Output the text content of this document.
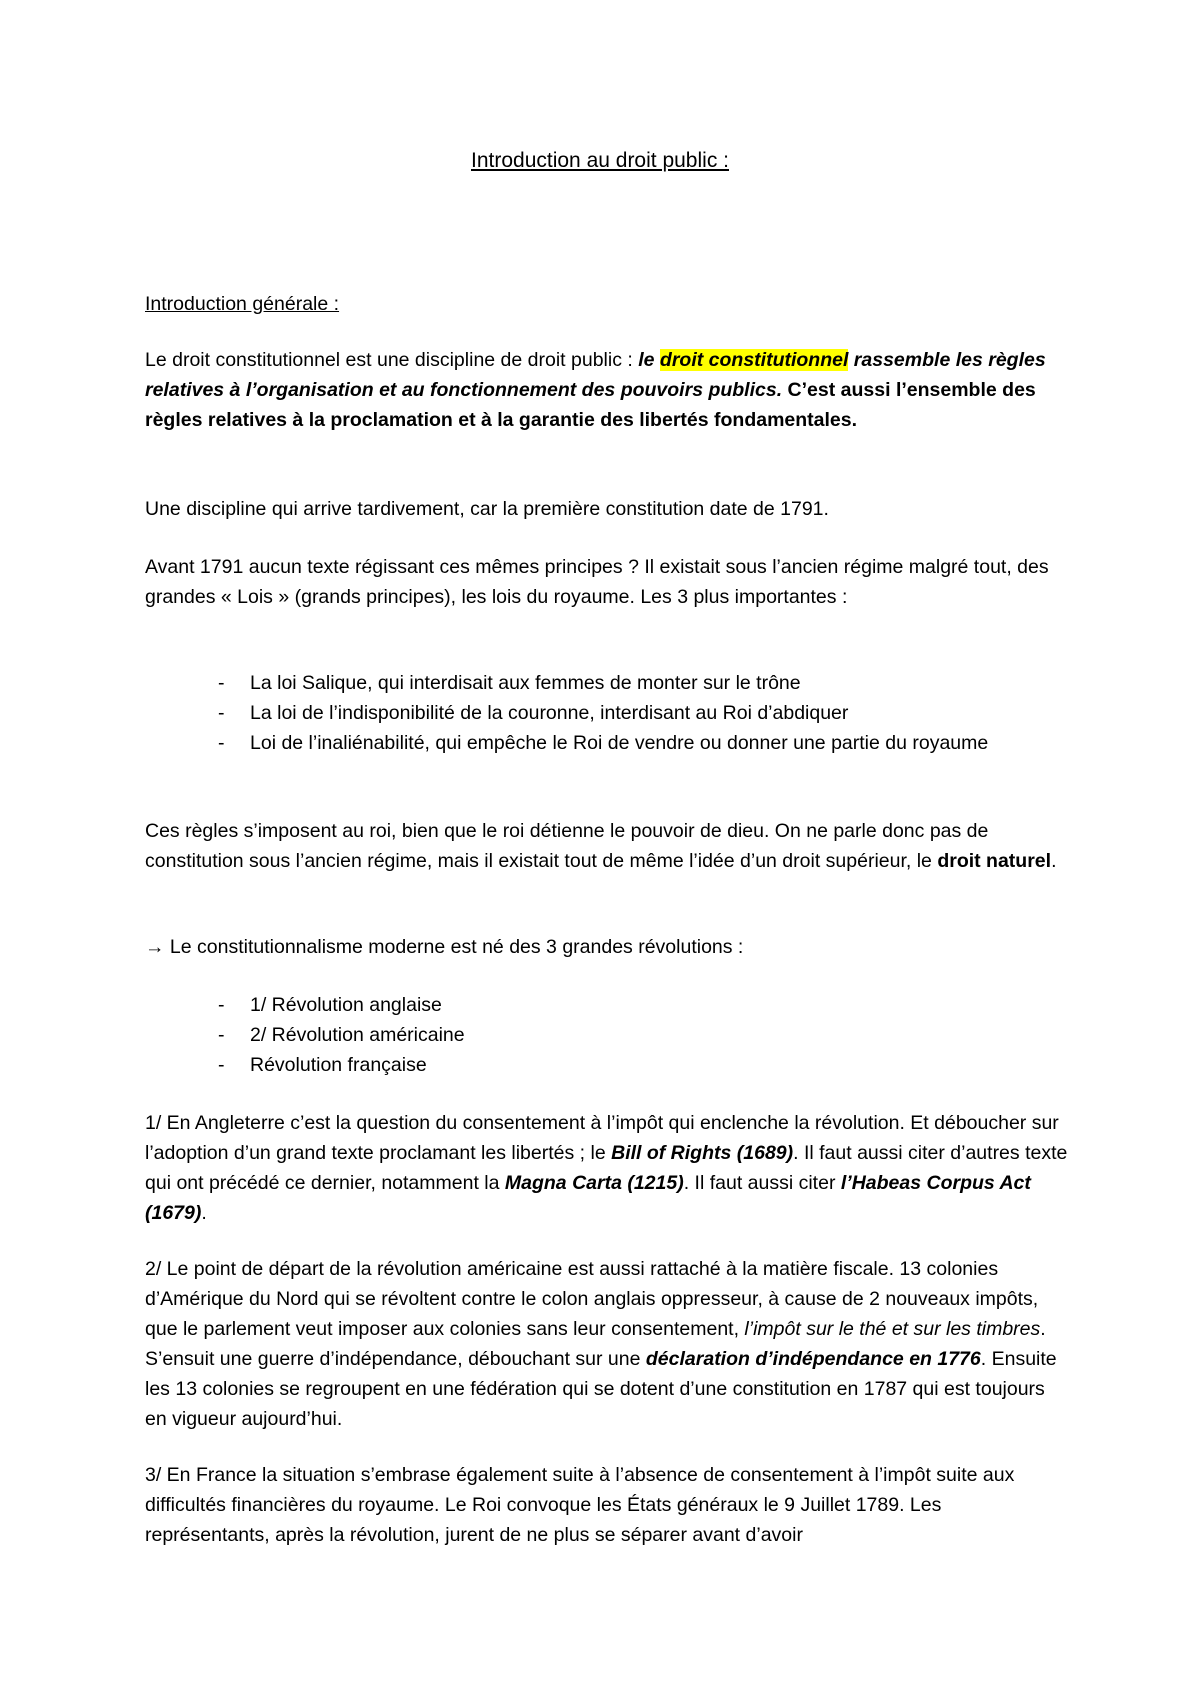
Introduction au droit public :
Introduction générale :

Le droit constitutionnel est une discipline de droit public : le droit constitutionnel rassemble les règles relatives à l’organisation et au fonctionnement des pouvoirs publics. C’est aussi l’ensemble des règles relatives à la proclamation et à la garantie des libertés fondamentales.

Une discipline qui arrive tardivement, car la première constitution date de 1791.

Avant 1791 aucun texte régissant ces mêmes principes ? Il existait sous l’ancien régime malgré tout, des grandes « Lois » (grands principes), les lois du royaume. Les 3 plus importantes :

- La loi Salique, qui interdisait aux femmes de monter sur le trône
- La loi de l’indisponibilité de la couronne, interdisant au Roi d’abdiquer
- Loi de l’inaliénabilité, qui empêche le Roi de vendre ou donner une partie du royaume

Ces règles s’imposent au roi, bien que le roi détienne le pouvoir de dieu. On ne parle donc pas de constitution sous l’ancien régime, mais il existait tout de même l’idée d’un droit supérieur, le droit naturel.

→ Le constitutionnalisme moderne est né des 3 grandes révolutions :

- 1/ Révolution anglaise
- 2/ Révolution américaine
- Révolution française

1/ En Angleterre c’est la question du consentement à l’impôt qui enclenche la révolution. Et déboucher sur l’adoption d’un grand texte proclamant les libertés ; le Bill of Rights (1689). Il faut aussi citer d’autres texte qui ont précédé ce dernier, notamment la Magna Carta (1215). Il faut aussi citer l’Habeas Corpus Act (1679).

2/ Le point de départ de la révolution américaine est aussi rattaché à la matière fiscale. 13 colonies d’Amérique du Nord qui se révoltent contre le colon anglais oppresseur, à cause de 2 nouveaux impôts, que le parlement veut imposer aux colonies sans leur consentement, l’impôt sur le thé et sur les timbres. S’ensuit une guerre d’indépendance, débouchant sur une déclaration d’indépendance en 1776. Ensuite les 13 colonies se regroupent en une fédération qui se dotent d’une constitution en 1787 qui est toujours en vigueur aujourd’hui.

3/ En France la situation s’embrase également suite à l’absence de consentement à l’impôt suite aux difficultés financières du royaume. Le Roi convoque les États généraux le 9 Juillet 1789. Les représentants, après la révolution, jurent de ne plus se séparer avant d’avoir
